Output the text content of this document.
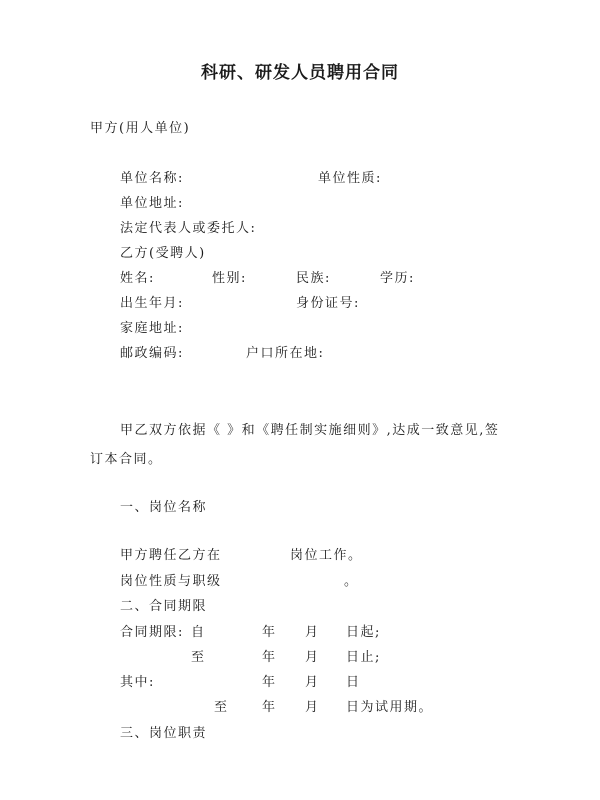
科研、研发人员聘用合同
甲方(用人单位)
单位名称:	单位性质:
单位地址:
法定代表人或委托人:
乙方(受聘人)
姓名:	性别:	民族:	学历:
出生年月:	身份证号:
家庭地址:
邮政编码:	户口所在地:
甲乙双方依据《 》和《聘任制实施细则》,达成一致意见,签
订本合同。
一、岗位名称
甲方聘任乙方在	岗位工作。
岗位性质与职级	。
二、合同期限
合同期限: 自	年 月 日起;
至	年 月 日止;
其中:	年 月 日
至	年 月 日为试用期。
三、岗位职责
